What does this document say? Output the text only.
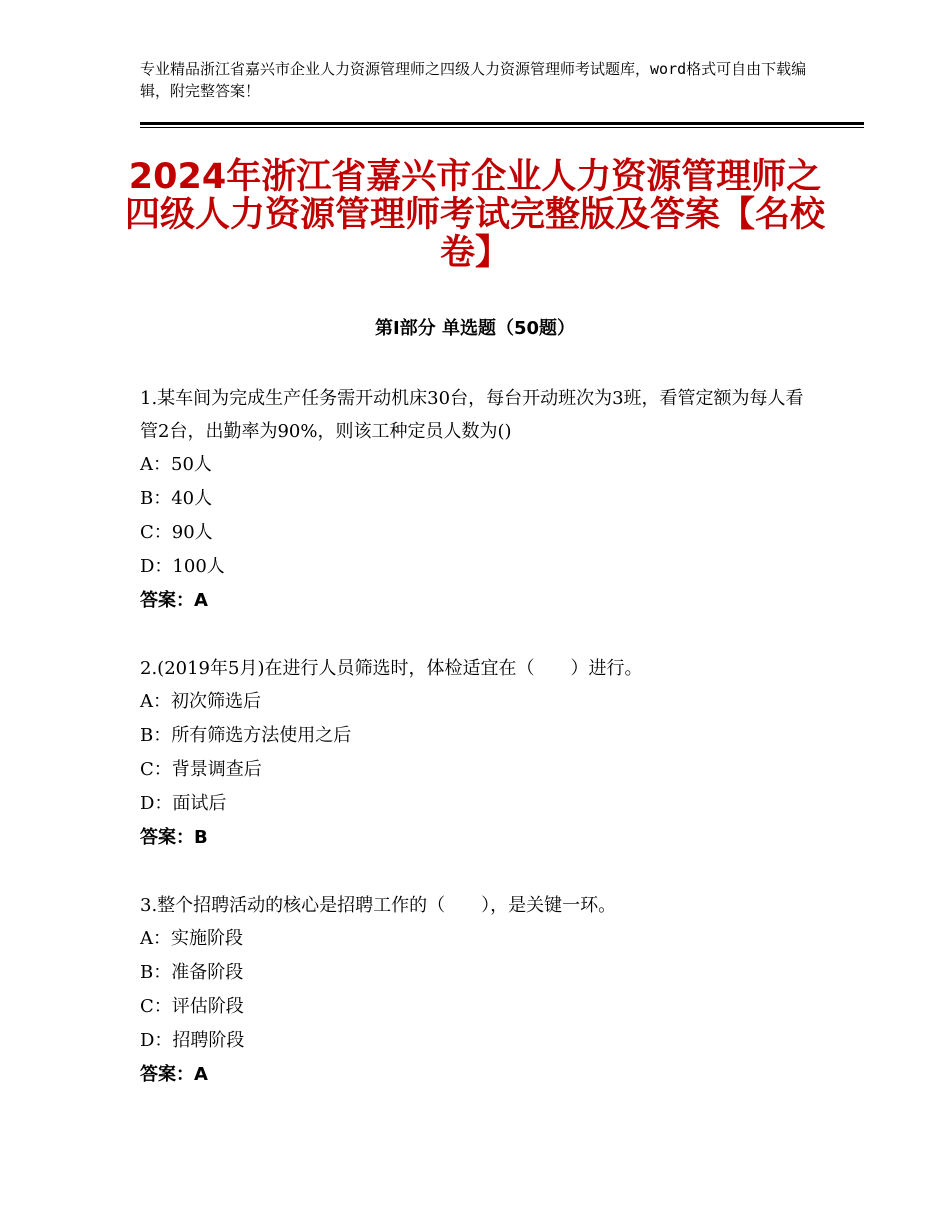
专业精品浙江省嘉兴市企业人力资源管理师之四级人力资源管理师考试题库，word格式可自由下载编辑，附完整答案！
2024年浙江省嘉兴市企业人力资源管理师之四级人力资源管理师考试完整版及答案【名校卷】
第Ⅰ部分 单选题（50题）
1.某车间为完成生产任务需开动机床30台，每台开动班次为3班，看管定额为每人看管2台，出勤率为90%，则该工种定员人数为()
A：50人
B：40人
C：90人
D：100人
答案：A
2.(2019年5月)在进行人员筛选时，体检适宜在（　　）进行。
A：初次筛选后
B：所有筛选方法使用之后
C：背景调查后
D：面试后
答案：B
3.整个招聘活动的核心是招聘工作的（　　），是关键一环。
A：实施阶段
B：准备阶段
C：评估阶段
D：招聘阶段
答案：A
